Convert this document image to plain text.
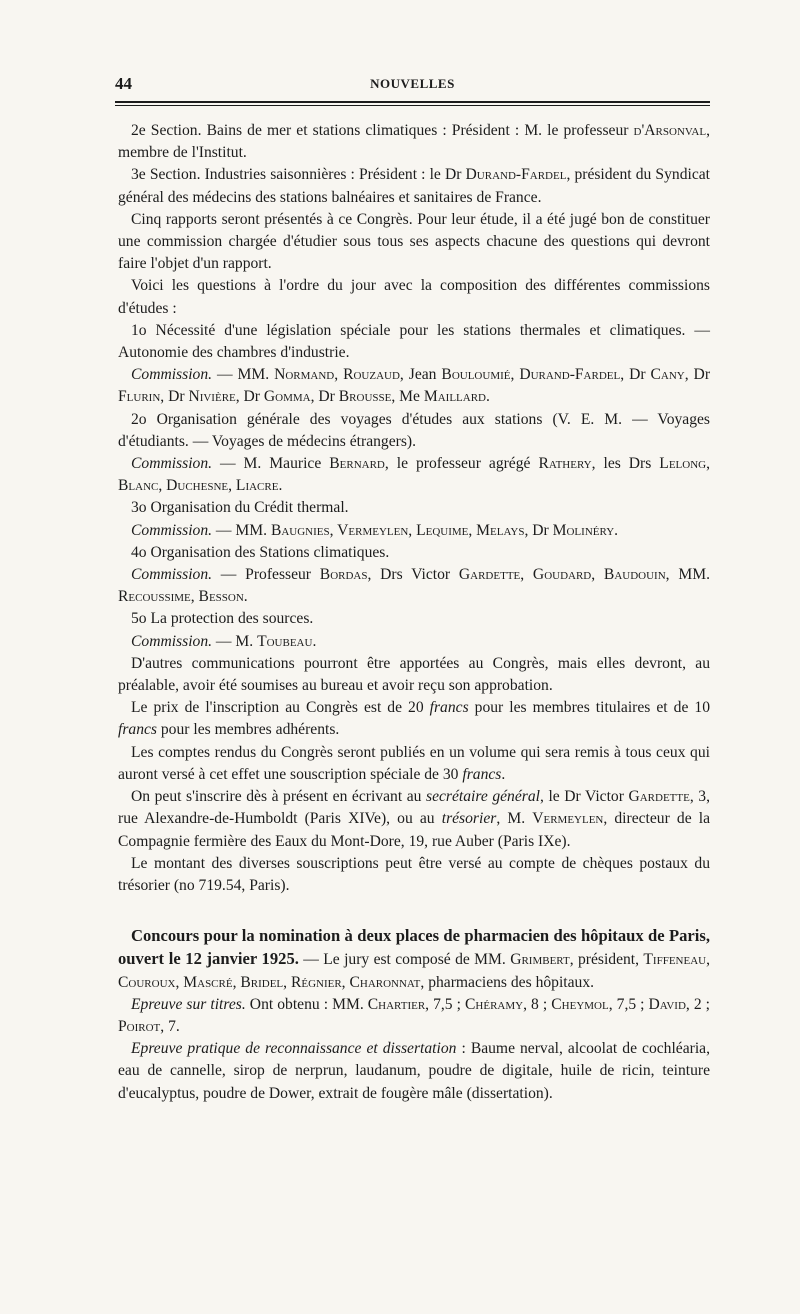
44	NOUVELLES

2e Section. Bains de mer et stations climatiques : Président : M. le professeur d'Arsonval, membre de l'Institut.

3e Section. Industries saisonnières : Président : le Dr Durand-Fardel, président du Syndicat général des médecins des stations balnéaires et sanitaires de France.

Cinq rapports seront présentés à ce Congrès. Pour leur étude, il a été jugé bon de constituer une commission chargée d'étudier sous tous ses aspects chacune des questions qui devront faire l'objet d'un rapport.

Voici les questions à l'ordre du jour avec la composition des différentes commissions d'études :

1o Nécessité d'une législation spéciale pour les stations thermales et climatiques. — Autonomie des chambres d'industrie.

Commission. — MM. Normand, Rouzaud, Jean Bouloumié, Durand-Fardel, Dr Cany, Dr Flurin, Dr Nivière, Dr Gomma, Dr Brousse, Me Maillard.

2o Organisation générale des voyages d'études aux stations (V. E. M. — Voyages d'étudiants. — Voyages de médecins étrangers).

Commission. — M. Maurice Bernard, le professeur agrégé Rathery, les Drs Lelong, Blanc, Duchesne, Liacre.

3o Organisation du Crédit thermal.

Commission. — MM. Baugnies, Vermeylen, Lequime, Melays, Dr Molinéry.

4o Organisation des Stations climatiques.

Commission. — Professeur Bordas, Drs Victor Gardette, Goudard, Baudouin, MM. Recoussime, Besson.

5o La protection des sources.

Commission. — M. Toubeau.

D'autres communications pourront être apportées au Congrès, mais elles devront, au préalable, avoir été soumises au bureau et avoir reçu son approbation.

Le prix de l'inscription au Congrès est de 20 francs pour les membres titulaires et de 10 francs pour les membres adhérents.

Les comptes rendus du Congrès seront publiés en un volume qui sera remis à tous ceux qui auront versé à cet effet une souscription spéciale de 30 francs.

On peut s'inscrire dès à présent en écrivant au secrétaire général, le Dr Victor Gardette, 3, rue Alexandre-de-Humboldt (Paris XIVe), ou au trésorier, M. Vermeylen, directeur de la Compagnie fermière des Eaux du Mont-Dore, 19, rue Auber (Paris IXe).

Le montant des diverses souscriptions peut être versé au compte de chèques postaux du trésorier (no 719.54, Paris).

Concours pour la nomination à deux places de pharmacien des hôpitaux de Paris, ouvert le 12 janvier 1925. — Le jury est composé de MM. Grimbert, président, Tiffeneau, Couroux, Mascré, Bridel, Régnier, Charonnat, pharmaciens des hôpitaux.

Epreuve sur titres. Ont obtenu : MM. Chartier, 7,5 ; Chéramy, 8 ; Cheymol, 7,5 ; David, 2 ; Poirot, 7.

Epreuve pratique de reconnaissance et dissertation : Baume nerval, alcoolat de cochléaria, eau de cannelle, sirop de nerprun, laudanum, poudre de digitale, huile de ricin, teinture d'eucalyptus, poudre de Dower, extrait de fougère mâle (dissertation).
